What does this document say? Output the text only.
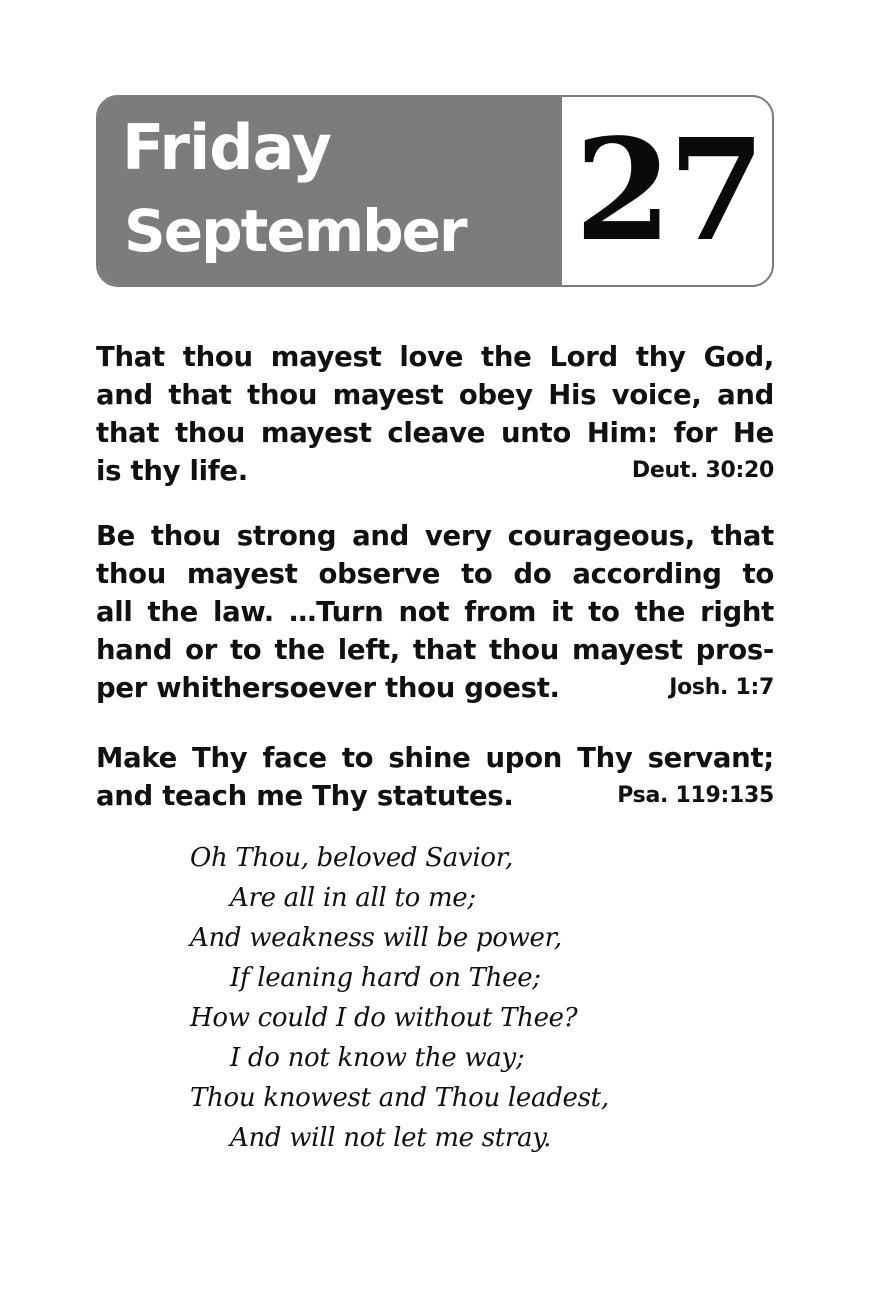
Friday
September 27
That thou mayest love the Lord thy God,
and that thou mayest obey His voice, and
that thou mayest cleave unto Him: for He
is thy life.	Deut. 30:20
Be thou strong and very courageous, that
thou mayest observe to do according to
all the law. …Turn not from it to the right
hand or to the left, that thou mayest pros-
per whithersoever thou goest.	Josh. 1:7
Make Thy face to shine upon Thy servant;
and teach me Thy statutes.	Psa. 119:135
Oh Thou, beloved Savior,
Are all in all to me;
And weakness will be power,
If leaning hard on Thee;
How could I do without Thee?
I do not know the way;
Thou knowest and Thou leadest,
And will not let me stray.
